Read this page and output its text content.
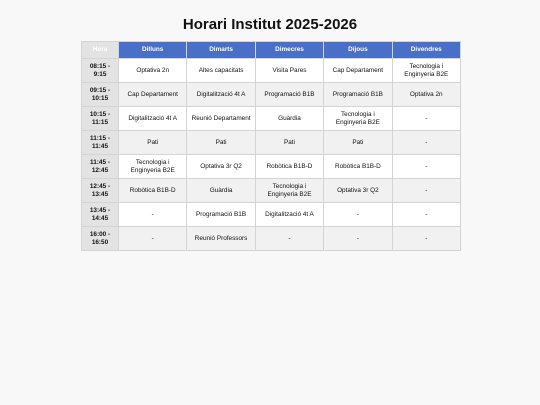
Horari Institut 2025-2026
Hora	Dilluns	Dimarts	Dimecres	Dijous	Divendres
08:15 - 9:15	Optativa 2n	Altes capacitats	Visita Pares	Cap Departament	Tecnologia i Enginyeria B2E
09:15 - 10:15	Cap Departament	Digitalització 4t A	Programació B1B	Programació B1B	Optativa 2n
10:15 - 11:15	Digitalització 4t A	Reunió Departament	Guàrdia	Tecnologia i Enginyeria B2E	-
11:15 - 11:45	Pati	Pati	Pati	Pati	-
11:45 - 12:45	Tecnologia i Enginyeria B2E	Optativa 3r Q2	Robòtica B1B-D	Robòtica B1B-D	-
12:45 - 13:45	Robòtica B1B-D	Guàrdia	Tecnologia i Enginyeria B2E	Optativa 3r Q2	-
13:45 - 14:45	-	Programació B1B	Digitalització 4t A	-	-
16:00 - 16:50	-	Reunió Professors	-	-	-
